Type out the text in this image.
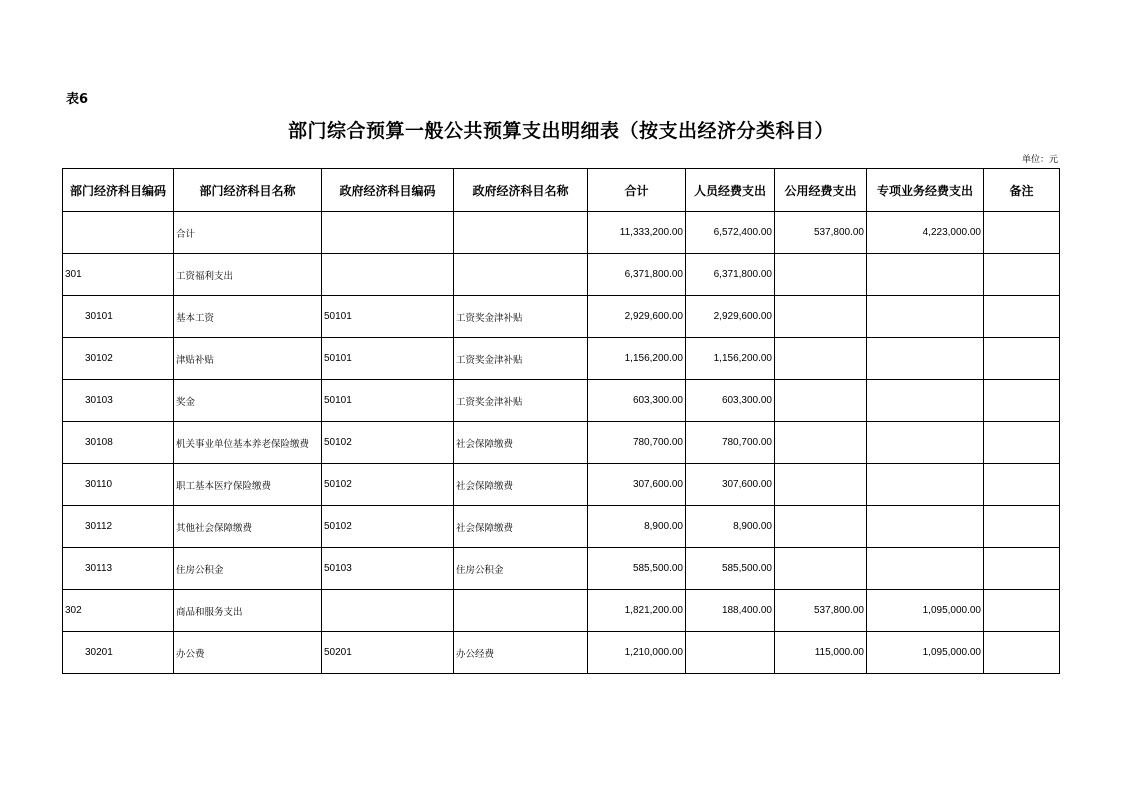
表6
部门综合预算一般公共预算支出明细表（按支出经济分类科目）
单位：元
部门经济科目编码	部门经济科目名称	政府经济科目编码	政府经济科目名称	合计	人员经费支出	公用经费支出	专项业务经费支出	备注
	合计			11,333,200.00	6,572,400.00	537,800.00	4,223,000.00	
301	工资福利支出			6,371,800.00	6,371,800.00			
30101	基本工资	50101	工资奖金津补贴	2,929,600.00	2,929,600.00			
30102	津贴补贴	50101	工资奖金津补贴	1,156,200.00	1,156,200.00			
30103	奖金	50101	工资奖金津补贴	603,300.00	603,300.00			
30108	机关事业单位基本养老保险缴费	50102	社会保障缴费	780,700.00	780,700.00			
30110	职工基本医疗保险缴费	50102	社会保障缴费	307,600.00	307,600.00			
30112	其他社会保障缴费	50102	社会保障缴费	8,900.00	8,900.00			
30113	住房公积金	50103	住房公积金	585,500.00	585,500.00			
302	商品和服务支出			1,821,200.00	188,400.00	537,800.00	1,095,000.00	
30201	办公费	50201	办公经费	1,210,000.00		115,000.00	1,095,000.00	
